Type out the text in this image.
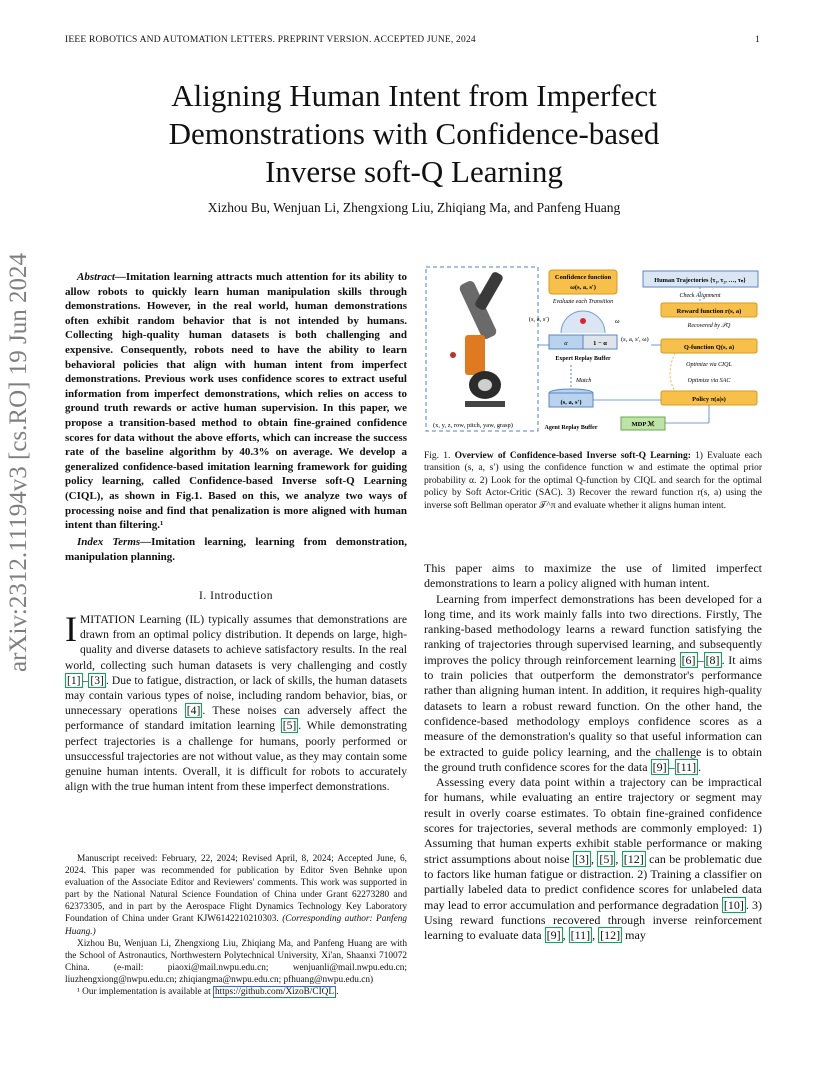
IEEE ROBOTICS AND AUTOMATION LETTERS. PREPRINT VERSION. ACCEPTED JUNE, 2024	1
arXiv:2312.11194v3 [cs.RO] 19 Jun 2024
Aligning Human Intent from Imperfect
Demonstrations with Confidence-based
Inverse soft-Q Learning
Xizhou Bu, Wenjuan Li, Zhengxiong Liu, Zhiqiang Ma, and Panfeng Huang

Abstract—Imitation learning attracts much attention for its ability to allow robots to quickly learn human manipulation skills through demonstrations. However, in the real world, human demonstrations often exhibit random behavior that is not intended by humans. Collecting high-quality human datasets is both challenging and expensive. Consequently, robots need to have the ability to learn behavioral policies that align with human intent from imperfect demonstrations. Previous work uses confidence scores to extract useful information from imperfect demonstrations, which relies on access to ground truth rewards or active human supervision. In this paper, we propose a transition-based method to obtain fine-grained confidence scores for data without the above efforts, which can increase the success rate of the baseline algorithm by 40.3% on average. We develop a generalized confidence-based imitation learning framework for guiding policy learning, called Confidence-based Inverse soft-Q Learning (CIQL), as shown in Fig.1. Based on this, we analyze two ways of processing noise and find that penalization is more aligned with human intent than filtering.¹

Index Terms—Imitation learning, learning from demonstration, manipulation planning.

I. Introduction

IMITATION Learning (IL) typically assumes that demonstrations are drawn from an optimal policy distribution. It depends on large, high-quality and diverse datasets to achieve satisfactory results. In the real world, collecting such human datasets is very challenging and costly [1] – [3] . Due to fatigue, distraction, or lack of skills, the human datasets may contain various types of noise, including random behavior, bias, or unnecessary operations [4] . These noises can adversely affect the performance of standard imitation learning [5] . While demonstrating perfect trajectories is a challenge for humans, poorly performed or unsuccessful trajectories are not without value, as they may contain some genuine human intents. Overall, it is difficult for robots to accurately align with the true human intent from these imperfect demonstrations.

Manuscript received: February, 22, 2024; Revised April, 8, 2024; Accepted June, 6, 2024. This paper was recommended for publication by Editor Sven Behnke upon evaluation of the Associate Editor and Reviewers' comments. This work was supported in part by the National Natural Science Foundation of China under Grant 62273280 and 62373305, and in part by the Aerospace Flight Dynamics Technology Key Laboratory Foundation of China under Grant KJW6142210210303. (Corresponding author: Panfeng Huang.)

Xizhou Bu, Wenjuan Li, Zhengxiong Liu, Zhiqiang Ma, and Panfeng Huang are with the School of Astronautics, Northwestern Polytechnical University, Xi'an, Shaanxi 710072 China. (e-mail: piaoxi@mail.nwpu.edu.cn; wenjuanli@mail.nwpu.edu.cn; liuzhengxiong@nwpu.edu.cn; zhiqiangma@nwpu.edu.cn; pfhuang@nwpu.edu.cn)

¹ Our implementation is available at https://github.com/XizoB/CIQL .

(x, y, z, row, pitch, yaw, grasp)
Confidence function
ω(s, a, s′)
Evaluate each Transition
(s, a, s′)	ω
α	1 − α
Expert Replay Buffer
(s, a, s′, ω)
Match
(s, a, s′)
Agent Replay Buffer
Human Trajectories {τ₁, τ₂, …, τₙ}
Check Alignment
Reward function r(s, a)
Recovered by 𝒯Q
Q-function Q(s, a)
Optimize via CIQL
Optimize via SAC
Policy π(a|s)
MDP ℳ

Fig. 1. Overview of Confidence-based Inverse soft-Q Learning: 1) Evaluate each transition (s, a, s′) using the confidence function w and estimate the optimal prior probability α. 2) Look for the optimal Q-function by CIQL and search for the optimal policy by Soft Actor-Critic (SAC). 3) Recover the reward function r(s, a) using the inverse soft Bellman operator 𝒯^π and evaluate whether it aligns human intent.

This paper aims to maximize the use of limited imperfect demonstrations to learn a policy aligned with human intent.

Learning from imperfect demonstrations has been developed for a long time, and its work mainly falls into two directions. Firstly, The ranking-based methodology learns a reward function satisfying the ranking of trajectories through supervised learning, and subsequently improves the policy through reinforcement learning [6] – [8] . It aims to train policies that outperform the demonstrator's performance rather than aligning human intent. In addition, it requires high-quality datasets to learn a robust reward function. On the other hand, the confidence-based methodology employs confidence scores as a measure of the demonstration's quality so that useful information can be extracted to guide policy learning, and the challenge is to obtain the ground truth confidence scores for the data [9] – [11] .

Assessing every data point within a trajectory can be impractical for humans, while evaluating an entire trajectory or segment may result in overly coarse estimates. To obtain fine-grained confidence scores for trajectories, several methods are commonly employed: 1) Assuming that human experts exhibit stable performance or making strict assumptions about noise [3] , [5] , [12] can be problematic due to factors like human fatigue or distraction. 2) Training a classifier on partially labeled data to predict confidence scores for unlabeled data may lead to error accumulation and performance degradation [10] . 3) Using reward functions recovered through inverse reinforcement learning to evaluate data [9] , [11] , [12] may
